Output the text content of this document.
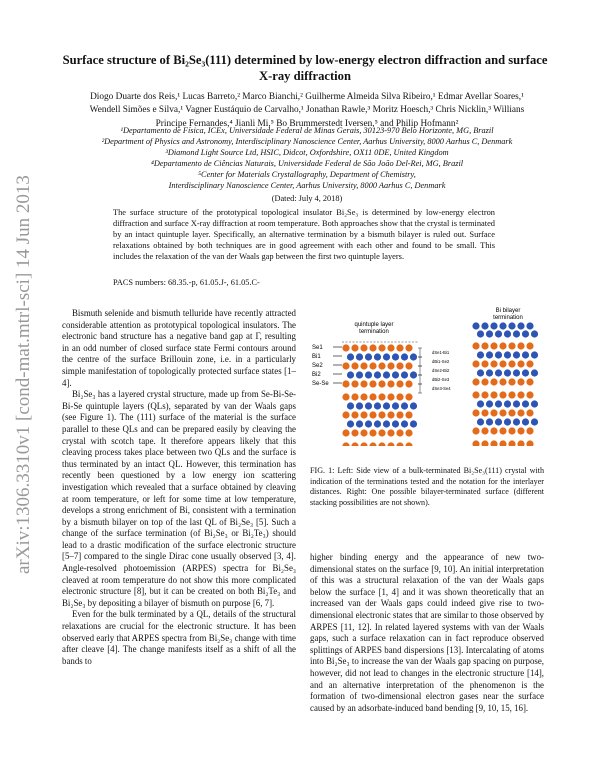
arXiv:1306.3310v1 [cond-mat.mtrl-sci] 14 Jun 2013
Surface structure of Bi₂Se₃(111) determined by low-energy electron diffraction and surface X-ray diffraction
Diogo Duarte dos Reis,¹ Lucas Barreto,² Marco Bianchi,² Guilherme Almeida Silva Ribeiro,¹ Edmar Avellar Soares,¹ Wendell Simões e Silva,¹ Vagner Eustáquio de Carvalho,¹ Jonathan Rawle,³ Moritz Hoesch,³ Chris Nicklin,³ Willians Principe Fernandes,⁴ Jianli Mi,⁵ Bo Brummerstedt Iversen,⁵ and Philip Hofmann²
¹Departamento de Física, ICEx, Universidade Federal de Minas Gerais, 30123-970 Belo Horizonte, MG, Brazil
²Department of Physics and Astronomy, Interdisciplinary Nanoscience Center, Aarhus University, 8000 Aarhus C, Denmark
³Diamond Light Source Ltd, HSIC, Didcot, Oxfordshire, OX11 0DE, United Kingdom
⁴Departamento de Ciências Naturais, Universidade Federal de São João Del-Rei, MG, Brazil
⁵Center for Materials Crystallography, Department of Chemistry,
Interdisciplinary Nanoscience Center, Aarhus University, 8000 Aarhus C, Denmark
(Dated: July 4, 2018)
The surface structure of the prototypical topological insulator Bi₂Se₃ is determined by low-energy electron diffraction and surface X-ray diffraction at room temperature. Both approaches show that the crystal is terminated by an intact quintuple layer. Specifically, an alternative termination by a bismuth bilayer is ruled out. Surface relaxations obtained by both techniques are in good agreement with each other and found to be small. This includes the relaxation of the van der Waals gap between the first two quintuple layers.
PACS numbers: 68.35.-p, 61.05.J-, 61.05.C-

Bismuth selenide and bismuth telluride have recently attracted considerable attention as prototypical topological insulators. The electronic band structure has a negative band gap at Γ, resulting in an odd number of closed surface state Fermi contours around the centre of the surface Brillouin zone, i.e. in a particularly simple manifestation of topologically protected surface states [1–4].

Bi₂Se₃ has a layered crystal structure, made up from Se-Bi-Se-Bi-Se quintuple layers (QLs), separated by van der Waals gaps (see Figure 1). The (111) surface of the material is the surface parallel to these QLs and can be prepared easily by cleaving the crystal with scotch tape. It therefore appears likely that this cleaving process takes place between two QLs and the surface is thus terminated by an intact QL. However, this termination has recently been questioned by a low energy ion scattering investigation which revealed that a surface obtained by cleaving at room temperature, or left for some time at low temperature, develops a strong enrichment of Bi, consistent with a termination by a bismuth bilayer on top of the last QL of Bi₂Se₃ [5]. Such a change of the surface termination (of Bi₂Se₃ or Bi₂Te₃) should lead to a drastic modification of the surface electronic structure [5–7] compared to the single Dirac cone usually observed [3, 4]. Angle-resolved photoemission (ARPES) spectra for Bi₂Se₃ cleaved at room temperature do not show this more complicated electronic structure [8], but it can be created on both Bi₂Te₃ and Bi₂Se₃ by depositing a bilayer of bismuth on purpose [6, 7].

Even for the bulk terminated by a QL, details of the structural relaxations are crucial for the electronic structure. It has been observed early that ARPES spectra from Bi₂Se₃ change with time after cleave [4]. The change manifests itself as a shift of all the bands to

quintuple layer
termination
Bi bilayer
termination
Se1
Bi1
Se2
Bi2
Se-Se
dSe1-Bi1
dBi1-Se2
dSe2-Bi2
dBi2-Se3
dSe3-Se4
FIG. 1: Left: Side view of a bulk-terminated Bi₂Se₃(111) crystal with indication of the terminations tested and the notation for the interlayer distances. Right: One possible bilayer-terminated surface (different stacking possibilities are not shown).

higher binding energy and the appearance of new two-dimensional states on the surface [9, 10]. An initial interpretation of this was a structural relaxation of the van der Waals gaps below the surface [1, 4] and it was shown theoretically that an increased van der Waals gaps could indeed give rise to two-dimensional electronic states that are similar to those observed by ARPES [11, 12]. In related layered systems with van der Waals gaps, such a surface relaxation can in fact reproduce observed splittings of ARPES band dispersions [13]. Intercalating of atoms into Bi₂Se₃ to increase the van der Waals gap spacing on purpose, however, did not lead to changes in the electronic structure [14], and an alternative interpretation of the phenomenon is the formation of two-dimensional electron gases near the surface caused by an adsorbate-induced band bending [9, 10, 15, 16].
